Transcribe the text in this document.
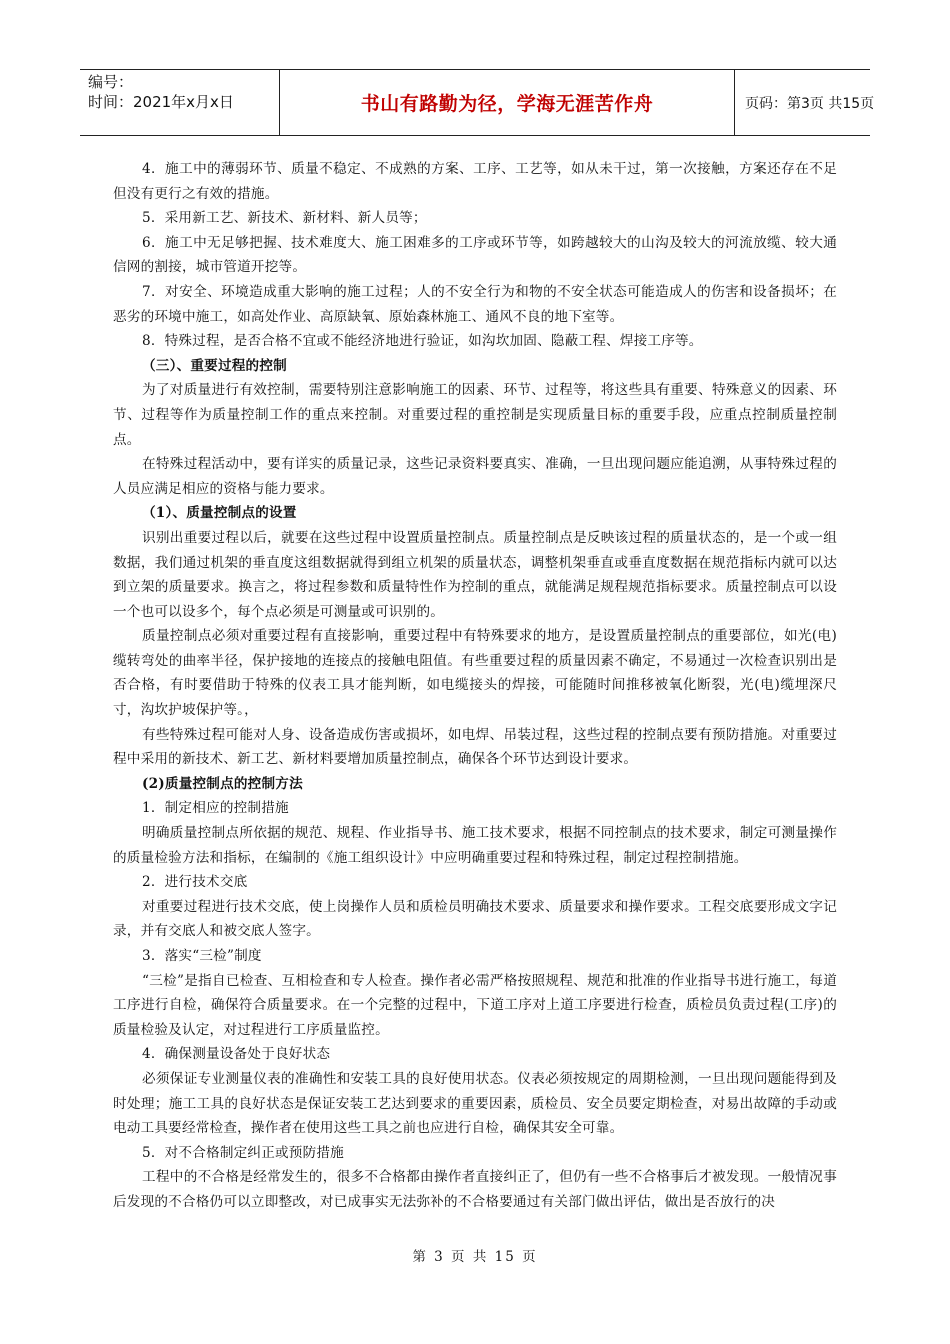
编号：
时间：2021年x月x日	书山有路勤为径，学海无涯苦作舟	页码：第3页 共15页

4．施工中的薄弱环节、质量不稳定、不成熟的方案、工序、工艺等，如从未干过，第一次接触，方案还存在不足但没有更行之有效的措施。

5．采用新工艺、新技术、新材料、新人员等；

6．施工中无足够把握、技术难度大、施工困难多的工序或环节等，如跨越较大的山沟及较大的河流放缆、较大通信网的割接，城市管道开挖等。

7．对安全、环境造成重大影响的施工过程；人的不安全行为和物的不安全状态可能造成人的伤害和设备损坏；在恶劣的环境中施工，如高处作业、高原缺氧、原始森林施工、通风不良的地下室等。

8．特殊过程，是否合格不宜或不能经济地进行验证，如沟坎加固、隐蔽工程、焊接工序等。

（三）、重要过程的控制

为了对质量进行有效控制，需要特别注意影响施工的因素、环节、过程等，将这些具有重要、特殊意义的因素、环节、过程等作为质量控制工作的重点来控制。对重要过程的重控制是实现质量目标的重要手段，应重点控制质量控制点。

在特殊过程活动中，要有详实的质量记录，这些记录资料要真实、准确，一旦出现问题应能追溯，从事特殊过程的人员应满足相应的资格与能力要求。

（1）、质量控制点的设置

识别出重要过程以后，就要在这些过程中设置质量控制点。质量控制点是反映该过程的质量状态的，是一个或一组数据，我们通过机架的垂直度这组数据就得到组立机架的质量状态，调整机架垂直或垂直度数据在规范指标内就可以达到立架的质量要求。换言之，将过程参数和质量特性作为控制的重点，就能满足规程规范指标要求。质量控制点可以设一个也可以设多个，每个点必须是可测量或可识别的。

质量控制点必须对重要过程有直接影响，重要过程中有特殊要求的地方，是设置质量控制点的重要部位，如光(电)缆转弯处的曲率半径，保护接地的连接点的接触电阻值。有些重要过程的质量因素不确定，不易通过一次检查识别出是否合格，有时要借助于特殊的仪表工具才能判断，如电缆接头的焊接，可能随时间推移被氧化断裂，光(电)缆埋深尺寸，沟坎护坡保护等。，

有些特殊过程可能对人身、设备造成伤害或损坏，如电焊、吊装过程，这些过程的控制点要有预防措施。对重要过程中采用的新技术、新工艺、新材料要增加质量控制点，确保各个环节达到设计要求。

(2)质量控制点的控制方法

1．制定相应的控制措施

明确质量控制点所依据的规范、规程、作业指导书、施工技术要求，根据不同控制点的技术要求，制定可测量操作的质量检验方法和指标，在编制的《施工组织设计》中应明确重要过程和特殊过程，制定过程控制措施。

2．进行技术交底

对重要过程进行技术交底，使上岗操作人员和质检员明确技术要求、质量要求和操作要求。工程交底要形成文字记录，并有交底人和被交底人签字。

3．落实“三检”制度

“三检”是指自已检查、互相检查和专人检查。操作者必需严格按照规程、规范和批准的作业指导书进行施工，每道工序进行自检，确保符合质量要求。在一个完整的过程中，下道工序对上道工序要进行检查，质检员负责过程(工序)的质量检验及认定，对过程进行工序质量监控。

4．确保测量设备处于良好状态

必须保证专业测量仪表的准确性和安装工具的良好使用状态。仪表必须按规定的周期检测，一旦出现问题能得到及时处理；施工工具的良好状态是保证安装工艺达到要求的重要因素，质检员、安全员要定期检查，对易出故障的手动或电动工具要经常检查，操作者在使用这些工具之前也应进行自检，确保其安全可靠。

5．对不合格制定纠正或预防措施

工程中的不合格是经常发生的，很多不合格都由操作者直接纠正了，但仍有一些不合格事后才被发现。一般情况事后发现的不合格仍可以立即整改，对已成事实无法弥补的不合格要通过有关部门做出评估，做出是否放行的决

第 3 页 共 15 页
